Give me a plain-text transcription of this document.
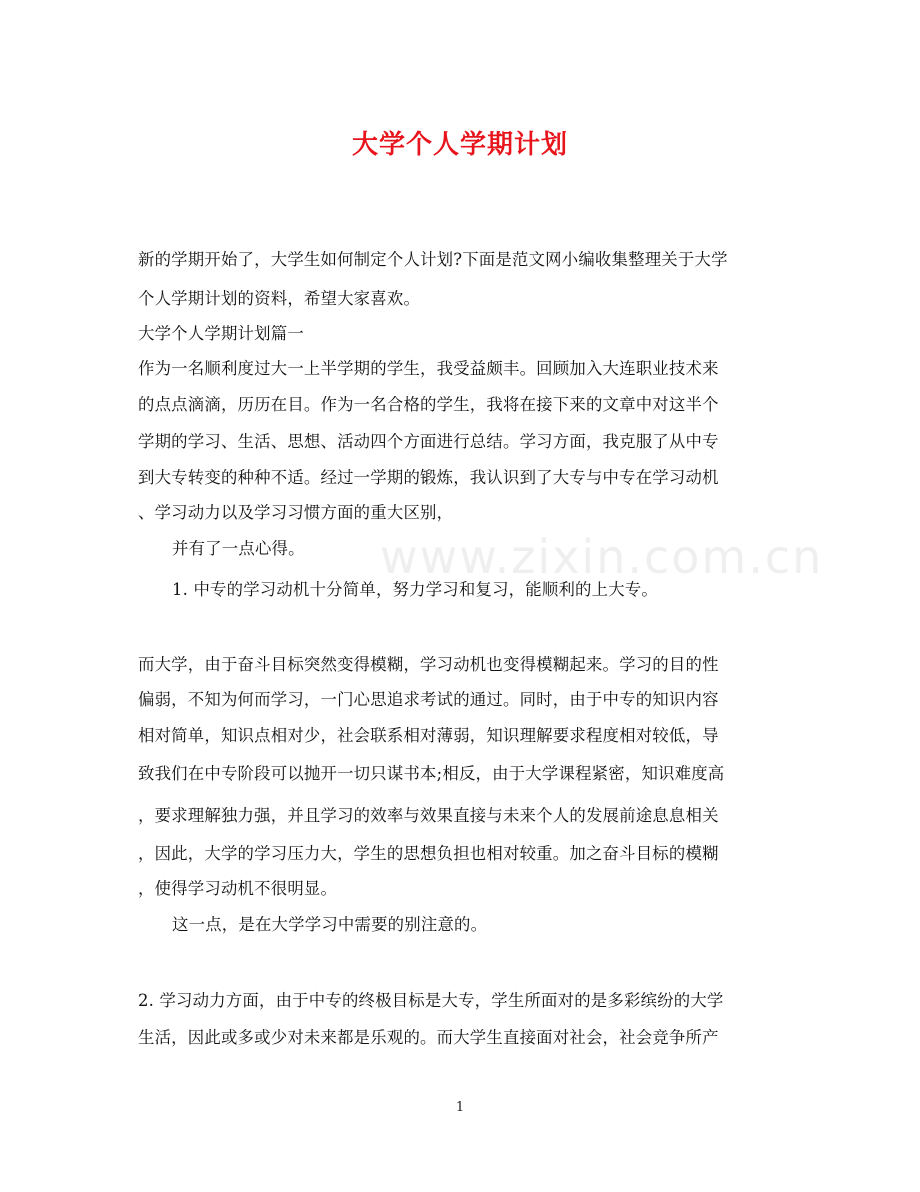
www.zixin.com.cn
大学个人学期计划
新的学期开始了，大学生如何制定个人计划?下面是范文网小编收集整理关于大学
个人学期计划的资料，希望大家喜欢。
大学个人学期计划篇一
作为一名顺利度过大一上半学期的学生，我受益颇丰。回顾加入大连职业技术来
的点点滴滴，历历在目。作为一名合格的学生，我将在接下来的文章中对这半个
学期的学习、生活、思想、活动四个方面进行总结。学习方面，我克服了从中专
到大专转变的种种不适。经过一学期的锻炼，我认识到了大专与中专在学习动机
、学习动力以及学习习惯方面的重大区别，
并有了一点心得。
1. 中专的学习动机十分简单，努力学习和复习，能顺利的上大专。
而大学，由于奋斗目标突然变得模糊，学习动机也变得模糊起来。学习的目的性
偏弱，不知为何而学习，一门心思追求考试的通过。同时，由于中专的知识内容
相对简单，知识点相对少，社会联系相对薄弱，知识理解要求程度相对较低，导
致我们在中专阶段可以抛开一切只谋书本;相反，由于大学课程紧密，知识难度高
，要求理解独力强，并且学习的效率与效果直接与未来个人的发展前途息息相关
，因此，大学的学习压力大，学生的思想负担也相对较重。加之奋斗目标的模糊
，使得学习动机不很明显。
这一点，是在大学学习中需要的别注意的。
2. 学习动力方面，由于中专的终极目标是大专，学生所面对的是多彩缤纷的大学
生活，因此或多或少对未来都是乐观的。而大学生直接面对社会，社会竞争所产
1
